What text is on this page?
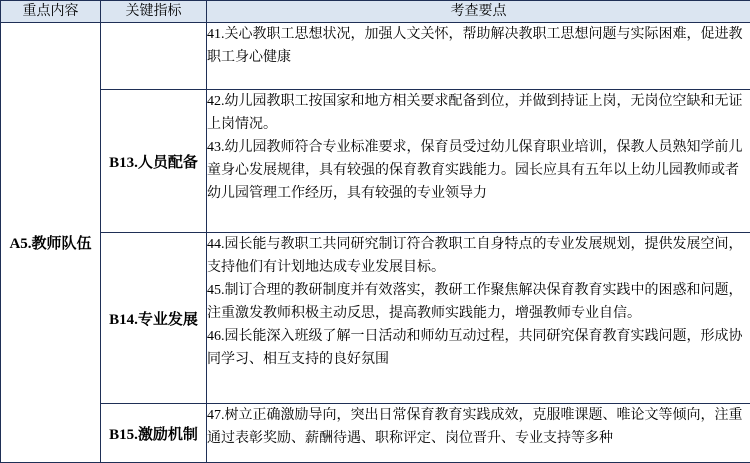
重点内容	关键指标	考查要点
A5.教师队伍		41.关心教职工思想状况，加强人文关怀，帮助解决教职工思想问题与实际困难，促进教职工身心健康

	B13.人员配备	42.幼儿园教职工按国家和地方相关要求配备到位，并做到持证上岗，无岗位空缺和无证上岗情况。
43.幼儿园教师符合专业标准要求，保育员受过幼儿保育职业培训，保教人员熟知学前儿童身心发展规律，具有较强的保育教育实践能力。园长应具有五年以上幼儿园教师或者幼儿园管理工作经历，具有较强的专业领导力

	B14.专业发展	44.园长能与教职工共同研究制订符合教职工自身特点的专业发展规划，提供发展空间，支持他们有计划地达成专业发展目标。
45.制订合理的教研制度并有效落实，教研工作聚焦解决保育教育实践中的困惑和问题，注重激发教师积极主动反思，提高教师实践能力，增强教师专业自信。
46.园长能深入班级了解一日活动和师幼互动过程，共同研究保育教育实践问题，形成协同学习、相互支持的良好氛围

	B15.激励机制	47.树立正确激励导向，突出日常保育教育实践成效，克服唯课题、唯论文等倾向，注重通过表彰奖励、薪酬待遇、职称评定、岗位晋升、专业支持等多种
